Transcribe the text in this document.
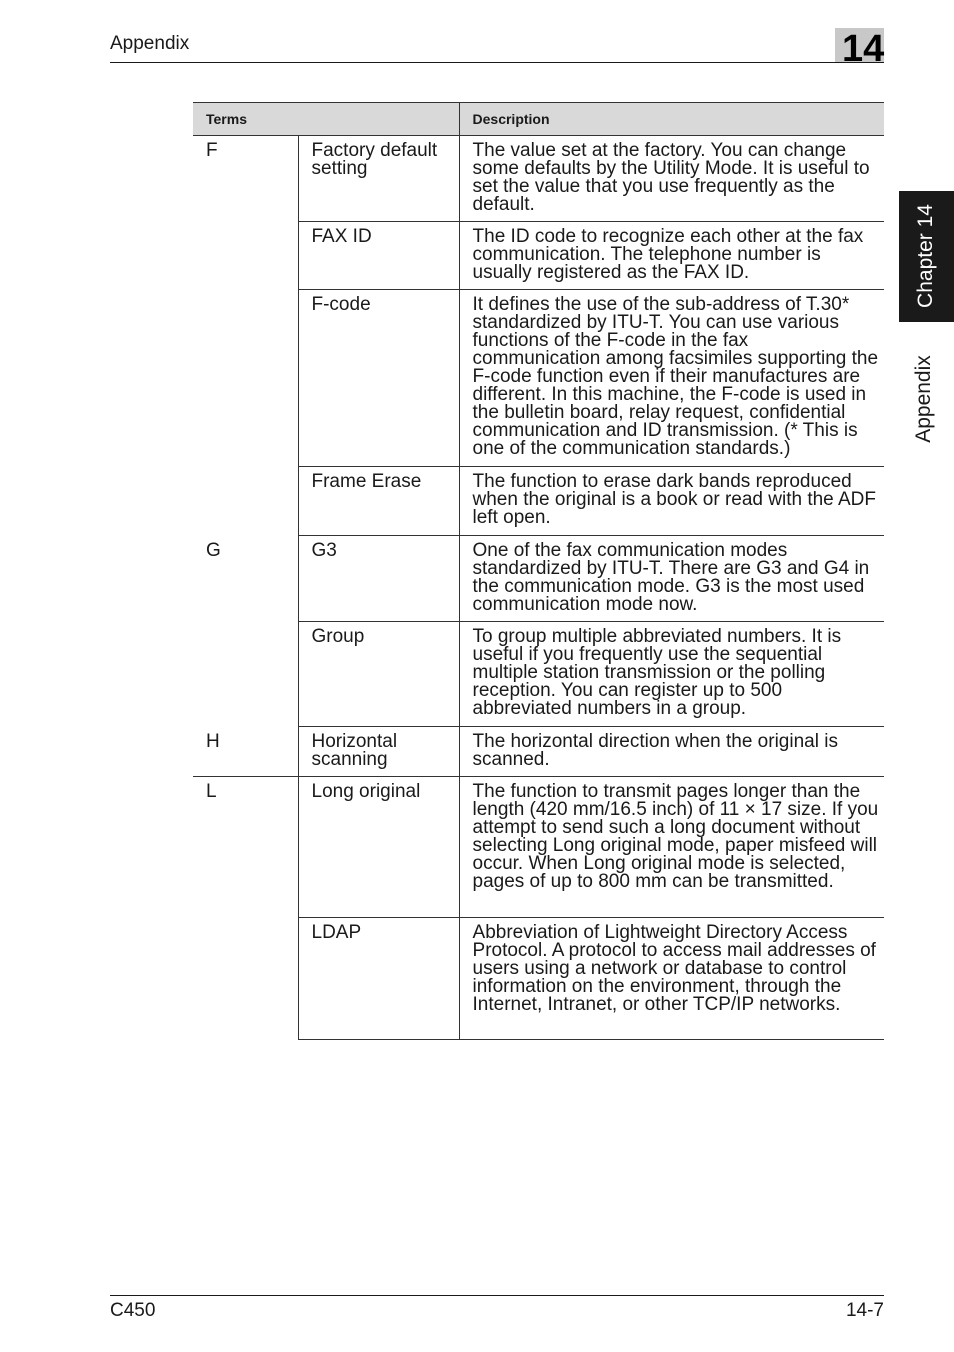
Appendix	14
Chapter 14
Appendix
Terms		Description
F	Factory default setting	The value set at the factory. You can change some defaults by the Utility Mode. It is useful to set the value that you use frequently as the default.
	FAX ID	The ID code to recognize each other at the fax communication. The telephone number is usually registered as the FAX ID.
	F-code	It defines the use of the sub-address of T.30* standardized by ITU-T. You can use various functions of the F-code in the fax communication among facsimiles supporting the F-code function even if their manufactures are different. In this machine, the F-code is used in the bulletin board, relay request, confidential communication and ID transmission. (* This is one of the communication standards.)
	Frame Erase	The function to erase dark bands reproduced when the original is a book or read with the ADF left open.
G	G3	One of the fax communication modes standardized by ITU-T. There are G3 and G4 in the communication mode. G3 is the most used communication mode now.
	Group	To group multiple abbreviated numbers. It is useful if you frequently use the sequential multiple station transmission or the polling reception. You can register up to 500 abbreviated numbers in a group.
H	Horizontal scanning	The horizontal direction when the original is scanned.
L	Long original	The function to transmit pages longer than the length (420 mm/16.5 inch) of 11 × 17 size. If you attempt to send such a long document without selecting Long original mode, paper misfeed will occur. When Long original mode is selected, pages of up to 800 mm can be transmitted.
	LDAP	Abbreviation of Lightweight Directory Access Protocol. A protocol to access mail addresses of users using a network or database to control information on the environment, through the Internet, Intranet, or other TCP/IP networks.
C450	14-7
